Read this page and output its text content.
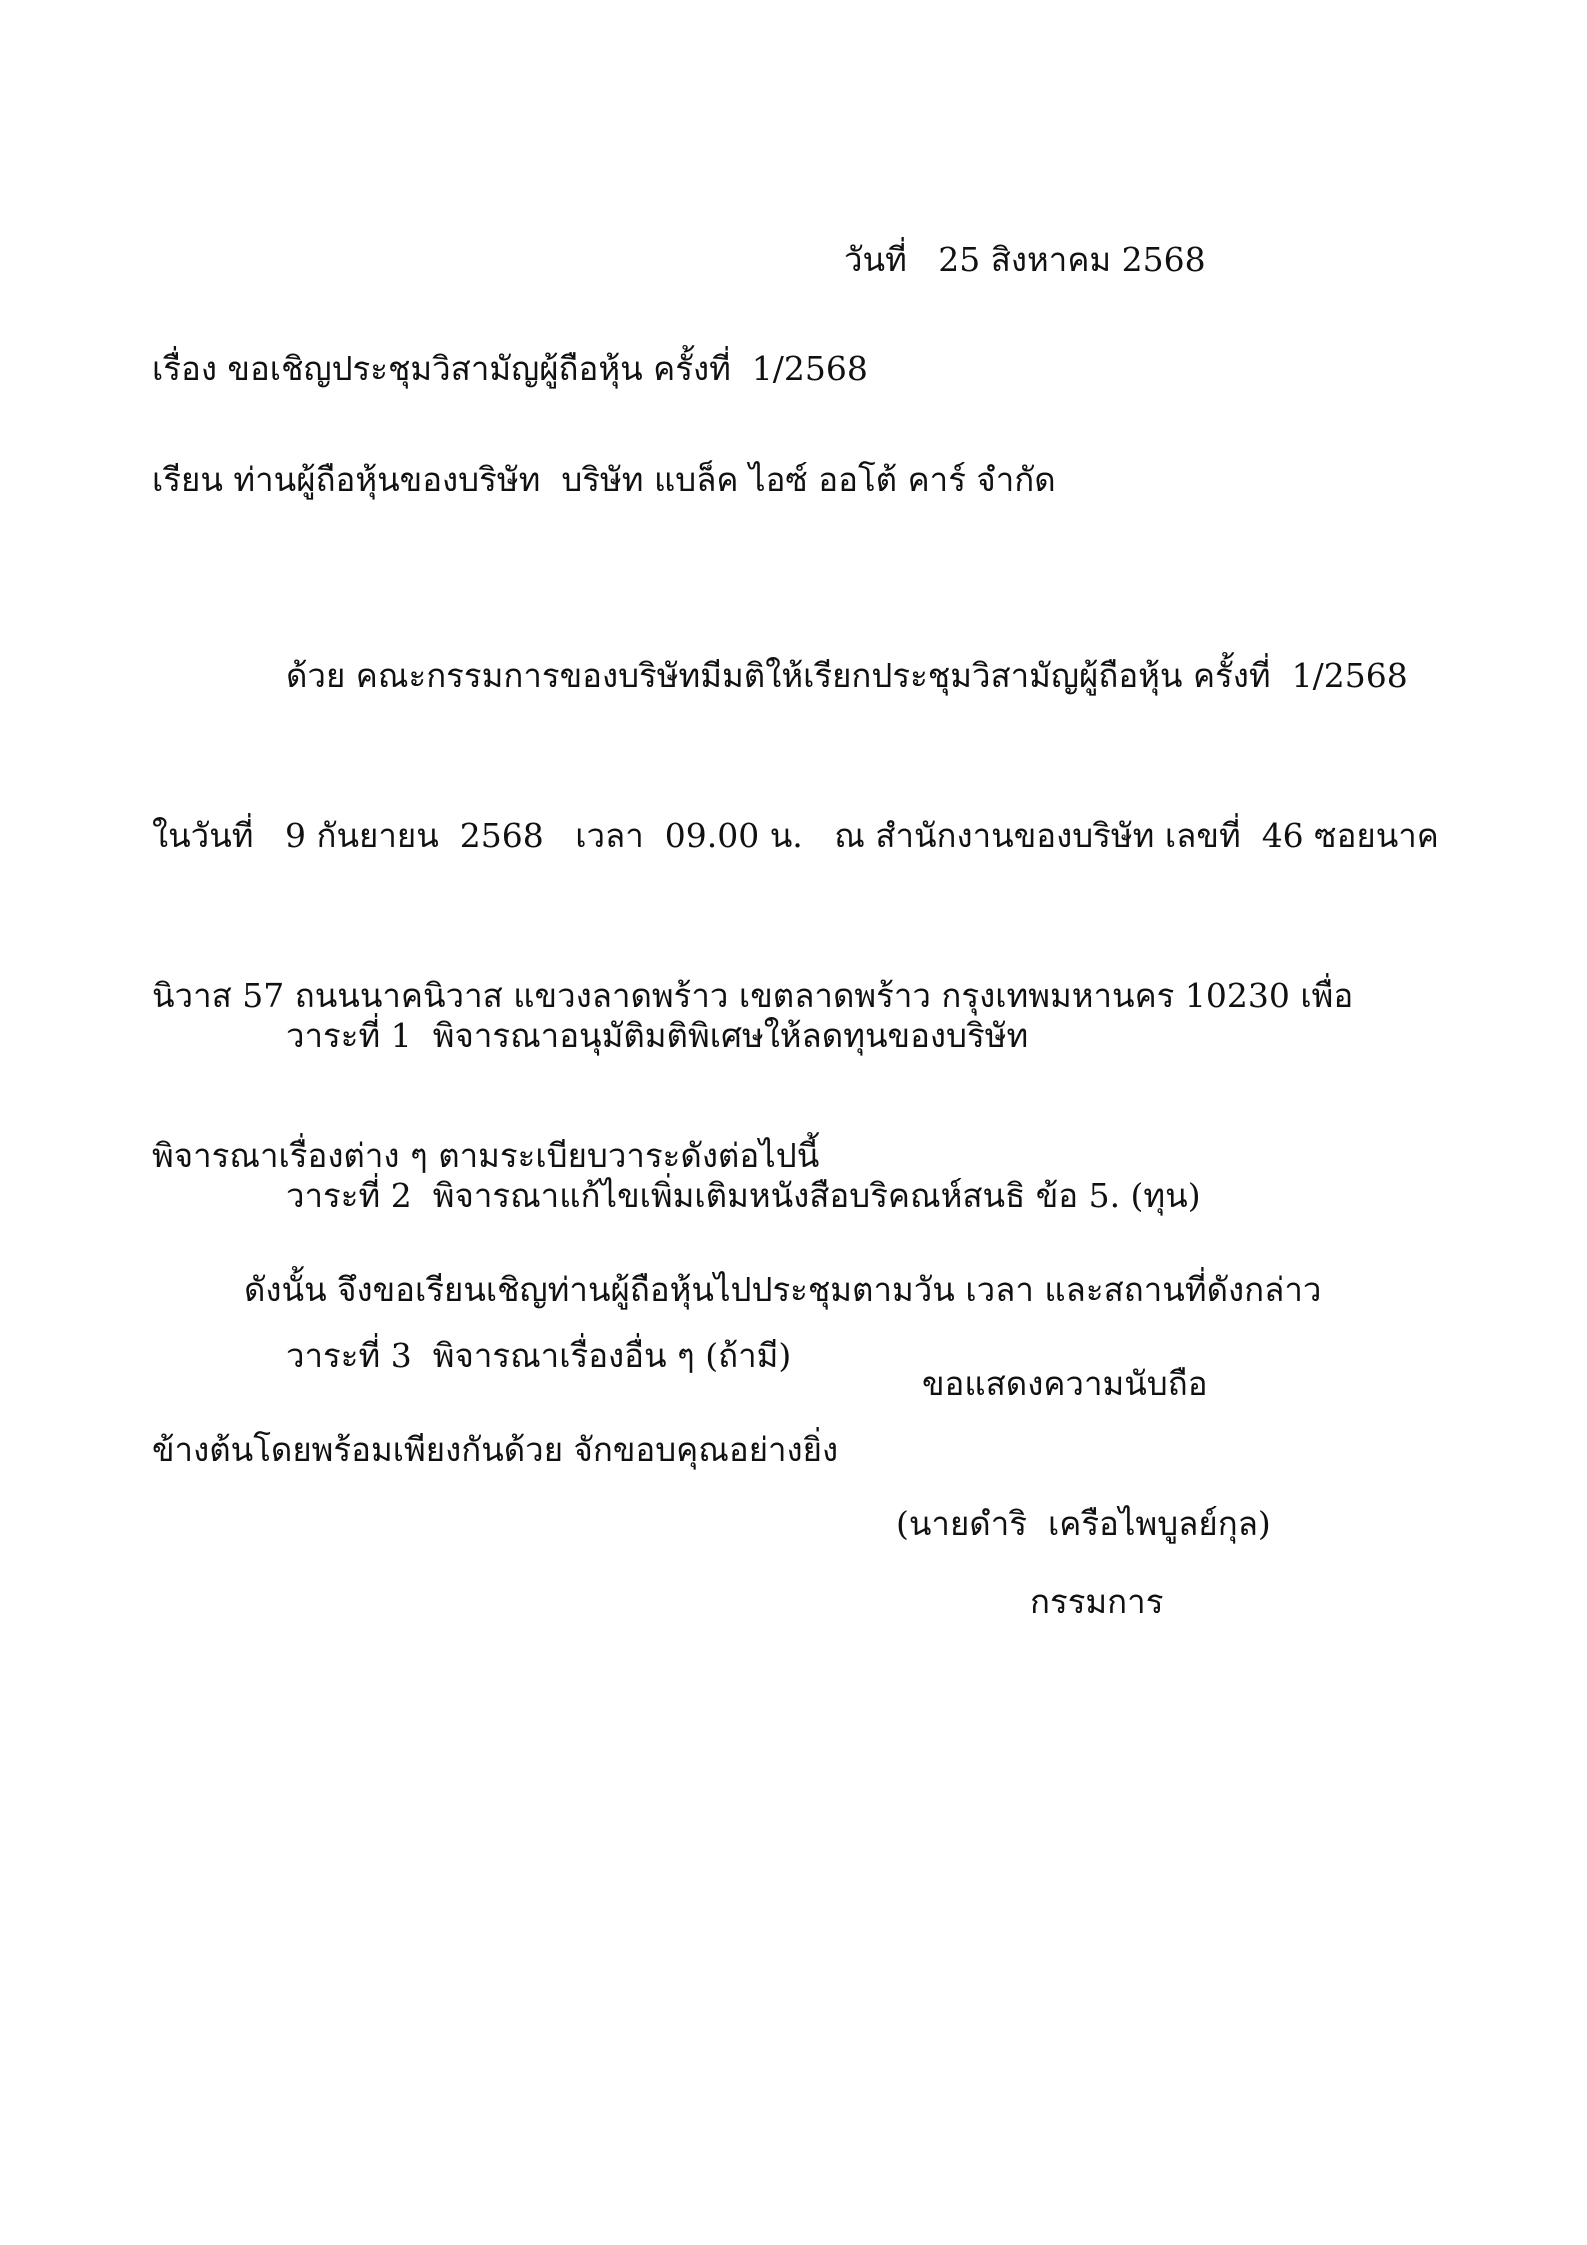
วันที่   25 สิงหาคม 2568
เรื่อง ขอเชิญประชุมวิสามัญผู้ถือหุ้น ครั้งที่  1/2568
เรียน ท่านผู้ถือหุ้นของบริษัท  บริษัท แบล็ค ไอซ์ ออโต้ คาร์ จำกัด

ด้วย คณะกรรมการของบริษัทมีมติให้เรียกประชุมวิสามัญผู้ถือหุ้น ครั้งที่  1/2568

ในวันที่   9 กันยายน  2568   เวลา  09.00 น.   ณ สำนักงานของบริษัท เลขที่  46 ซอยนาค

นิวาส 57 ถนนนาคนิวาส แขวงลาดพร้าว เขตลาดพร้าว กรุงเทพมหานคร 10230 เพื่อ

พิจารณาเรื่องต่าง ๆ ตามระเบียบวาระดังต่อไปนี้

วาระที่ 1  พิจารณาอนุมัติมติพิเศษให้ลดทุนของบริษัท

วาระที่ 2  พิจารณาแก้ไขเพิ่มเติมหนังสือบริคณห์สนธิ ข้อ 5. (ทุน)

วาระที่ 3  พิจารณาเรื่องอื่น ๆ (ถ้ามี)

ดังนั้น จึงขอเรียนเชิญท่านผู้ถือหุ้นไปประชุมตามวัน เวลา และสถานที่ดังกล่าว

ข้างต้นโดยพร้อมเพียงกันด้วย จักขอบคุณอย่างยิ่ง

ขอแสดงความนับถือ
(นายดำริ  เครือไพบูลย์กุล)
กรรมการ
